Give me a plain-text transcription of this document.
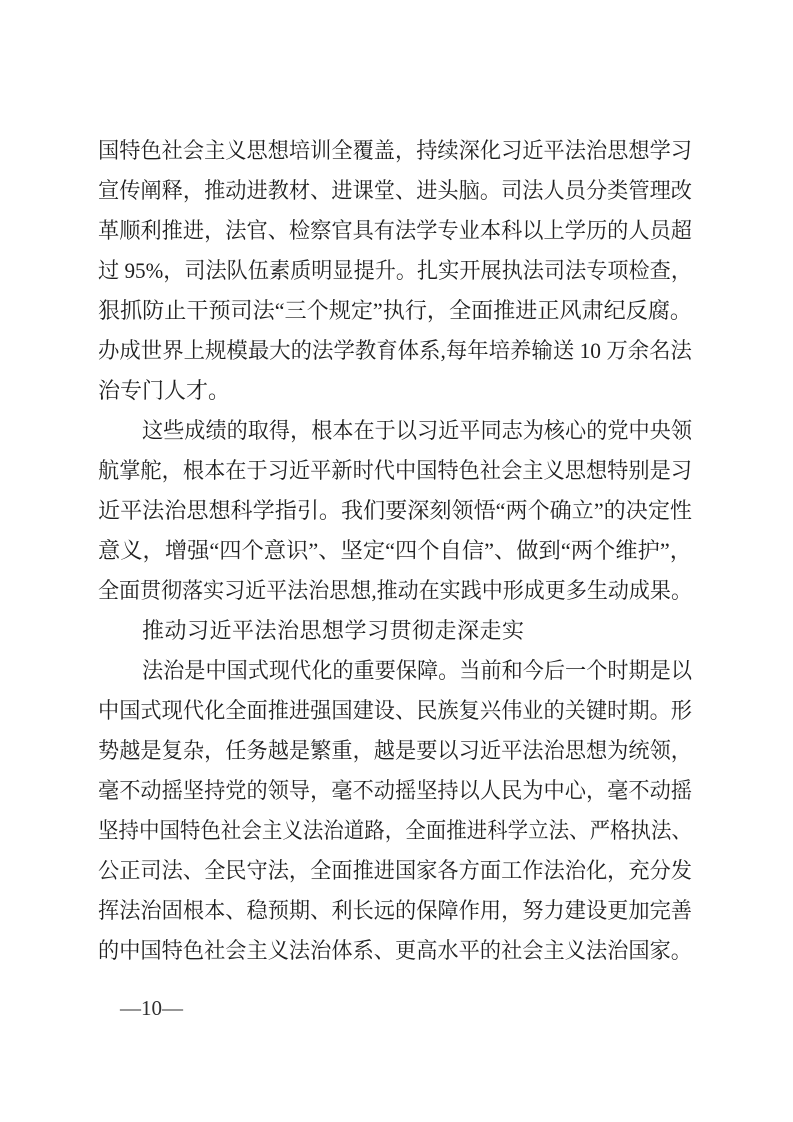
国特色社会主义思想培训全覆盖，持续深化习近平法治思想学习
宣传阐释，推动进教材、进课堂、进头脑。司法人员分类管理改
革顺利推进，法官、检察官具有法学专业本科以上学历的人员超
过 95%，司法队伍素质明显提升。扎实开展执法司法专项检查，
狠抓防止干预司法“三个规定”执行，全面推进正风肃纪反腐。
办成世界上规模最大的法学教育体系,每年培养输送 10 万余名法
治专门人才。
这些成绩的取得，根本在于以习近平同志为核心的党中央领
航掌舵，根本在于习近平新时代中国特色社会主义思想特别是习
近平法治思想科学指引。我们要深刻领悟“两个确立”的决定性
意义，增强“四个意识”、坚定“四个自信”、做到“两个维护”，
全面贯彻落实习近平法治思想,推动在实践中形成更多生动成果。
推动习近平法治思想学习贯彻走深走实
法治是中国式现代化的重要保障。当前和今后一个时期是以
中国式现代化全面推进强国建设、民族复兴伟业的关键时期。形
势越是复杂，任务越是繁重，越是要以习近平法治思想为统领，
毫不动摇坚持党的领导，毫不动摇坚持以人民为中心，毫不动摇
坚持中国特色社会主义法治道路，全面推进科学立法、严格执法、
公正司法、全民守法，全面推进国家各方面工作法治化，充分发
挥法治固根本、稳预期、利长远的保障作用，努力建设更加完善
的中国特色社会主义法治体系、更高水平的社会主义法治国家。
—10—
